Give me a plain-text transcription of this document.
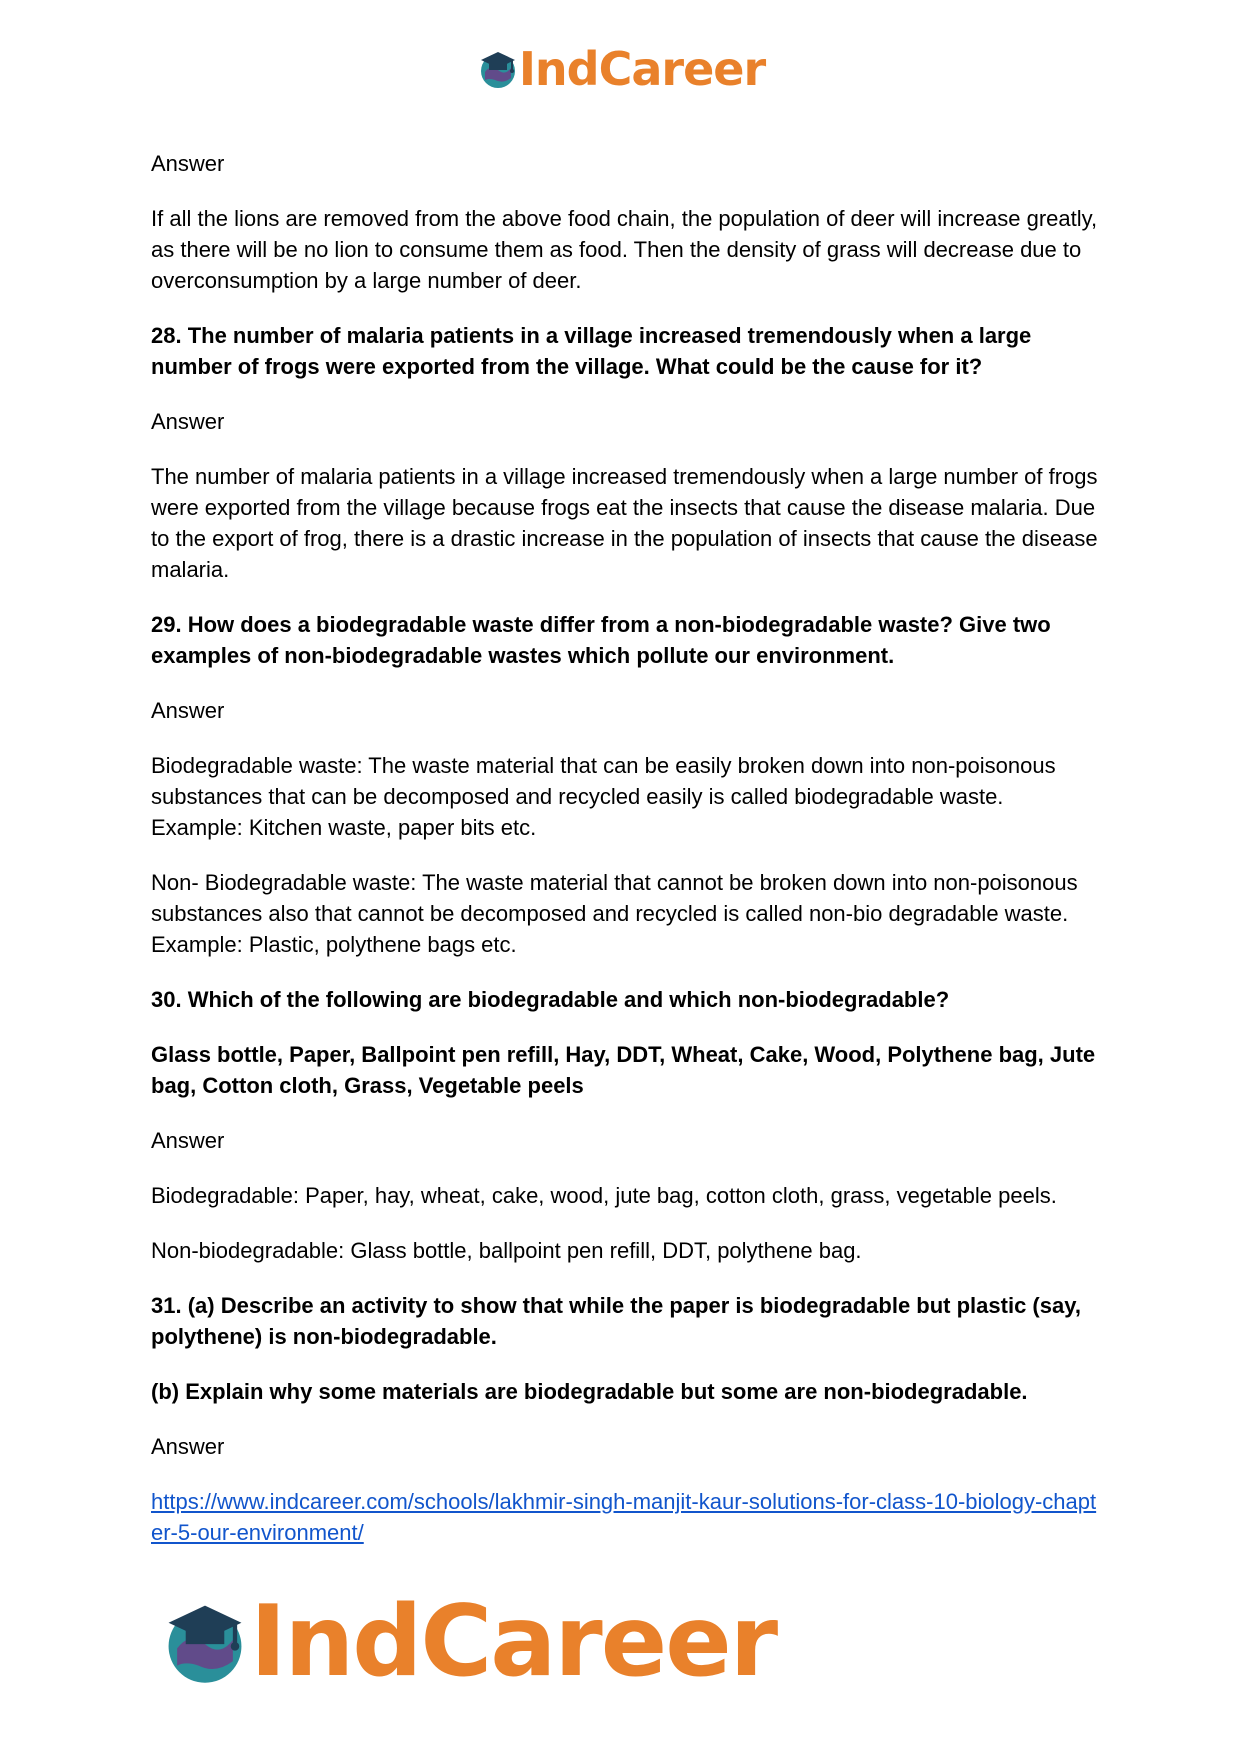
IndCareer

Answer

If all the lions are removed from the above food chain, the population of deer will increase greatly, as there will be no lion to consume them as food. Then the density of grass will decrease due to overconsumption by a large number of deer.

28. The number of malaria patients in a village increased tremendously when a large number of frogs were exported from the village. What could be the cause for it?

Answer

The number of malaria patients in a village increased tremendously when a large number of frogs were exported from the village because frogs eat the insects that cause the disease malaria. Due to the export of frog, there is a drastic increase in the population of insects that cause the disease malaria.

29. How does a biodegradable waste differ from a non-biodegradable waste? Give two examples of non-biodegradable wastes which pollute our environment.

Answer

Biodegradable waste: The waste material that can be easily broken down into non-poisonous substances that can be decomposed and recycled easily is called biodegradable waste. Example: Kitchen waste, paper bits etc.

Non- Biodegradable waste: The waste material that cannot be broken down into non-poisonous substances also that cannot be decomposed and recycled is called non-bio degradable waste. Example: Plastic, polythene bags etc.

30. Which of the following are biodegradable and which non-biodegradable?

Glass bottle, Paper, Ballpoint pen refill, Hay, DDT, Wheat, Cake, Wood, Polythene bag, Jute bag, Cotton cloth, Grass, Vegetable peels

Answer

Biodegradable: Paper, hay, wheat, cake, wood, jute bag, cotton cloth, grass, vegetable peels.

Non-biodegradable: Glass bottle, ballpoint pen refill, DDT, polythene bag.

31. (a) Describe an activity to show that while the paper is biodegradable but plastic (say, polythene) is non-biodegradable.

(b) Explain why some materials are biodegradable but some are non-biodegradable.

Answer

https://www.indcareer.com/schools/lakhmir-singh-manjit-kaur-solutions-for-class-10-biology-chapter-5-our-environment/

IndCareer
